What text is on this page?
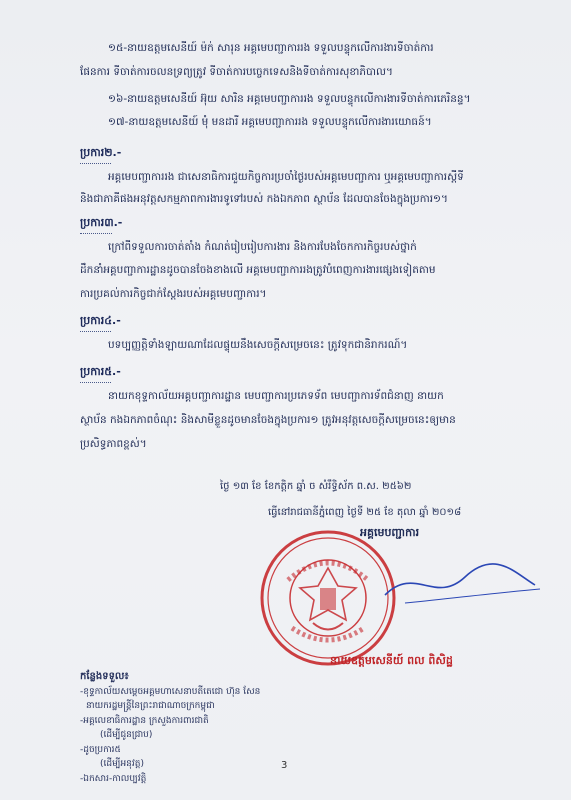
១៥-នាយឧត្តមសេនីយ៍ ម៉ក់ សារុន អគ្គមេបញ្ជាការរង ទទួលបន្ទុកលើការងារទីចាត់ការ
ផែនការ ទីចាត់ការចលនទ្រព្យត្រូវ ទីចាត់ការបច្ចេកទេសនិងទីចាត់ការសុខាភិបាល។
១៦-នាយឧត្តមសេនីយ៍ អ៊ុយ សារិន អគ្គមេបញ្ជាការរង ទទួលបន្ទុកលើការងារទីចាត់ការភេរិនន្ទ។
១៧-នាយឧត្តមសេនីយ៍ មុំ មនដារី អគ្គមេបញ្ជាការរង ទទួលបន្ទុកលើការងារយោធន៍។
ប្រការ២.-
អគ្គមេបញ្ជាការរង ជាសេនាធិការជួយកិច្ចការប្រចាំថ្ងៃរបស់អគ្គមេបញ្ជាការ ឬអគ្គមេបញ្ជាការស្ដីទី
និងជាភាគីផងអនុវត្តសកម្មភាពការងារទូទៅរបស់ កងឯកភាព ស្ថាប័ន ដែលបានចែងក្នុងប្រការ១។
ប្រការ៣.-
ក្រៅពីទទួលការចាត់តាំង កំណត់រៀបរៀបការងារ និងការបែងចែកការកិច្ចរបស់ថ្នាក់
ដឹកនាំអគ្គបញ្ជាការដ្ឋានដូចបានចែងខាងលើ អគ្គមេបញ្ជាការរងត្រូវបំពេញការងារផ្សេងទៀតតាម
ការប្រគល់ការកិច្ចជាក់ស្ដែងរបស់អគ្គមេបញ្ជាការ។
ប្រការ៤.-
បទប្បញ្ញត្តិទាំងឡាយណាដែលផ្ទុយនឹងសេចក្ដីសម្រេចនេះ ត្រូវទុកជានិរាករណ៍។
ប្រការ៥.-
នាយកខុទ្ទកាល័យអគ្គបញ្ជាការដ្ឋាន មេបញ្ជាការប្រភេទទ័ព មេបញ្ជាការទ័ពជំនាញ នាយក
ស្ថាប័ន កងឯកភាពចំណុះ និងសាមីខ្លួនដូចមានចែងក្នុងប្រការ១ ត្រូវអនុវត្តសេចក្ដីសម្រេចនេះឲ្យមាន
ប្រសិទ្ធភាពខ្ពស់។
ថ្ងៃ ១៣ ខែ ខែកត្ដិក ឆ្នាំ ច សំរឹទ្ធិស័ក ព.ស. ២៥៦២
ធ្វើនៅរាជធានីភ្នំពេញ ថ្ងៃទី ២៥ ខែ តុលា ឆ្នាំ ២០១៨
អគ្គមេបញ្ជាការ
នាយឧត្តមសេនីយ៍ ពល ពិសិដ្ឋ
កន្លែងទទួល៖
-ខុទ្ទកាល័យសម្ដេចអគ្គមហាសេនាបតីតេជោ ហ៊ុន សែន
នាយករដ្ឋមន្ត្រីនៃព្រះរាជាណាចក្រកម្ពុជា
-អគ្គលេខាធិការដ្ឋាន ក្រសួងការពារជាតិ
(ដើម្បីជូនជ្រាប)
-ដូចប្រការ៥
(ដើម្បីអនុវត្ត)
-ឯកសារ-កាលប្បវត្តិ
3
